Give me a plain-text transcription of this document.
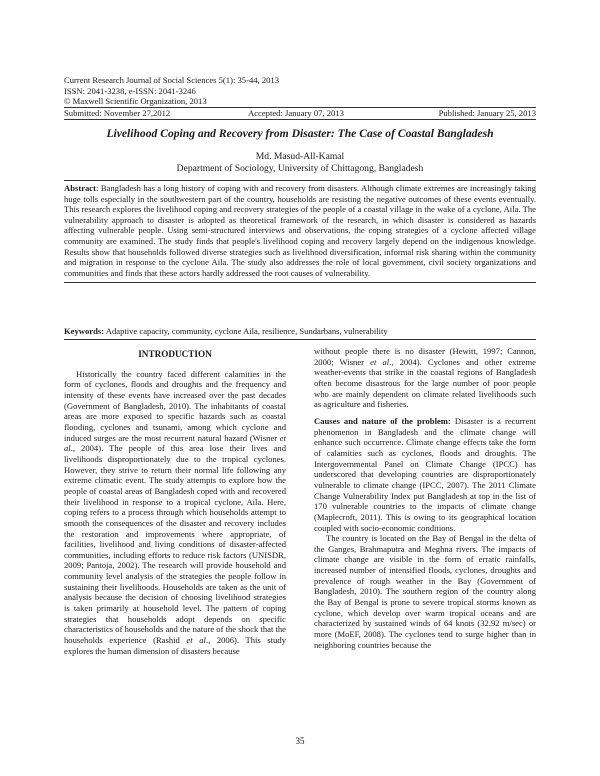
Current Research Journal of Social Sciences 5(1): 35-44, 2013
ISSN: 2041-3238, e-ISSN: 2041-3246
© Maxwell Scientific Organization, 2013
Submitted: November 27,2012	Accepted: January 07, 2013	Published: January 25, 2013
Livelihood Coping and Recovery from Disaster: The Case of Coastal Bangladesh
Md. Masud-All-Kamal
Department of Sociology, University of Chittagong, Bangladesh
Abstract: Bangladesh has a long history of coping with and recovery from disasters. Although climate extremes are increasingly taking huge tolls especially in the southwestern part of the country, households are resisting the negative outcomes of these events eventually. This research explores the livelihood coping and recovery strategies of the people of a coastal village in the wake of a cyclone, Aila. The vulnerability approach to disaster is adopted as theoretical framework of the research, in which disaster is considered as hazards affecting vulnerable people. Using semi-structured interviews and observations, the coping strategies of a cyclone affected village community are examined. The study finds that people's livelihood coping and recovery largely depend on the indigenous knowledge. Results show that households followed diverse strategies such as livelihood diversification, informal risk sharing within the community and migration in response to the cyclone Aila. The study also addresses the role of local government, civil society organizations and communities and finds that these actors hardly addressed the root causes of vulnerability.
Keywords: Adaptive capacity, community, cyclone Aila, resilience, Sundarbans, vulnerability
INTRODUCTION

Historically the country faced different calamities in the form of cyclones, floods and droughts and the frequency and intensity of these events have increased over the past decades (Government of Bangladesh, 2010). The inhabitants of coastal areas are more exposed to specific hazards such as coastal flooding, cyclones and tsunami, among which cyclone and induced surges are the most recurrent natural hazard (Wisner et al., 2004). The people of this area lose their lives and livelihoods disproportionately due to the tropical cyclones. However, they strive to return their normal life following any extreme climatic event. The study attempts to explore how the people of coastal areas of Bangladesh coped with and recovered their livelihood in response to a tropical cyclone, Aila. Here, coping refers to a process through which households attempt to smooth the consequences of the disaster and recovery includes the restoration and improvements where appropriate, of facilities, livelihood and living conditions of disaster-affected communities, including efforts to reduce risk factors (UNISDR, 2009; Pantoja, 2002). The research will provide household and community level analysis of the strategies the people follow in sustaining their livelihoods. Households are taken as the unit of analysis because the decision of choosing livelihood strategies is taken primarily at household level. The pattern of coping strategies that households adopt depends on specific characteristics of households and the nature of the shock that the households experience (Rashid et al., 2006). This study explores the human dimension of disasters because

without people there is no disaster (Hewitt, 1997; Cannon, 2000; Wisner et al., 2004). Cyclones and other extreme weather-events that strike in the coastal regions of Bangladesh often become disastrous for the large number of poor people who are mainly dependent on climate related livelihoods such as agriculture and fisheries.

Causes and nature of the problem: Disaster is a recurrent phenomenon in Bangladesh and the climate change will enhance such occurrence. Climate change effects take the form of calamities such as cyclones, floods and droughts. The Intergovernmental Panel on Climate Change (IPCC) has underscored that developing countries are disproportionately vulnerable to climate change (IPCC, 2007). The 2011 Climate Change Vulnerability Index put Bangladesh at top in the list of 170 vulnerable countries to the impacts of climate change (Maplecroft, 2011). This is owing to its geographical location coupled with socio-economic conditions.

The country is located on the Bay of Bengal in the delta of the Ganges, Brahmaputra and Meghna rivers. The impacts of climate change are visible in the form of erratic rainfalls, increased number of intensified floods, cyclones, droughts and prevalence of rough weather in the Bay (Government of Bangladesh, 2010). The southern region of the country along the Bay of Bengal is prone to severe tropical storms known as cyclone, which develop over warm tropical oceans and are characterized by sustained winds of 64 knots (32.92 m/sec) or more (MoEF, 2008). The cyclones tend to surge higher than in neighboring countries because the

35
